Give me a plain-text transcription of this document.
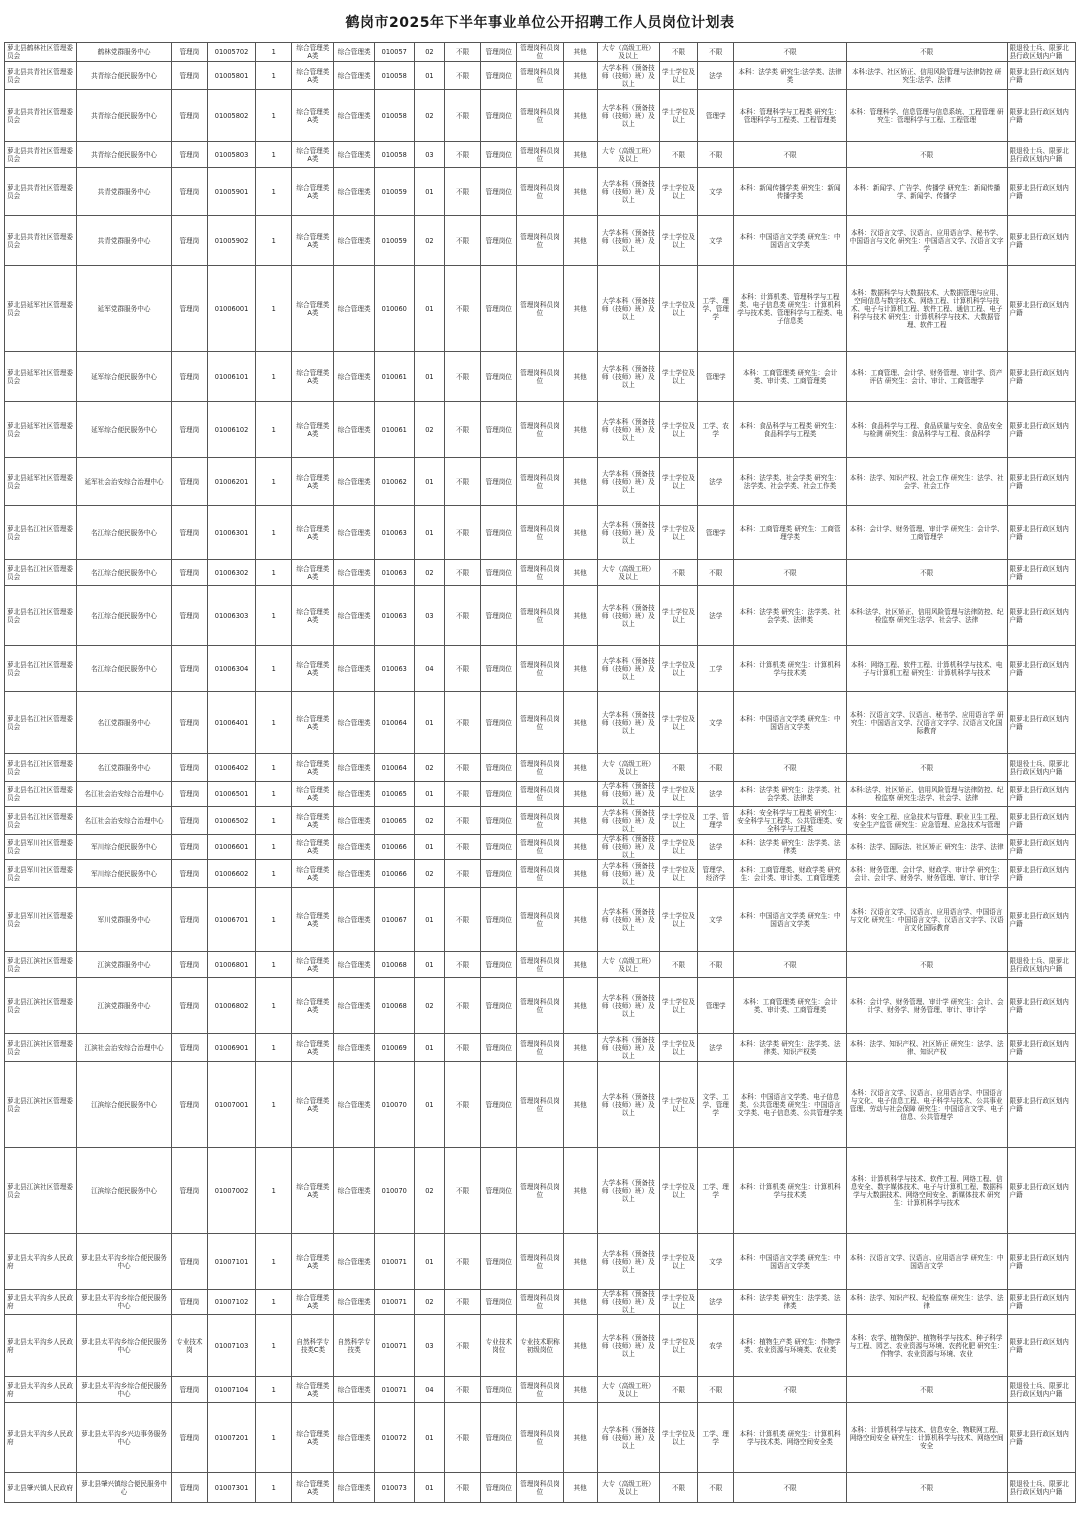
鹤岗市2025年下半年事业单位公开招聘工作人员岗位计划表
萝北县鹤林社区管理委员会	鹤林党群服务中心	管理岗	01005702	1	综合管理类A类	综合管理类	010057	02	不限	管理岗位	管理岗科员岗位	其他	大专（高级工班）及以上	不限	不限	不限	不限	限退役士兵、限萝北县行政区划内户籍
萝北县共青社区管理委员会	共青综合便民服务中心	管理岗	01005801	1	综合管理类A类	综合管理类	010058	01	不限	管理岗位	管理岗科员岗位	其他	大学本科（预备技师（技师）班）及以上	学士学位及以上	法学	本科：法学类 研究生:法学类、法律类	本科:法学、社区矫正、信用风险管理与法律防控 研究生:法学、法律	限萝北县行政区划内户籍
萝北县共青社区管理委员会	共青综合便民服务中心	管理岗	01005802	1	综合管理类A类	综合管理类	010058	02	不限	管理岗位	管理岗科员岗位	其他	大学本科（预备技师（技师）班）及以上	学士学位及以上	管理学	本科：管理科学与工程类 研究生：管理科学与工程类、工程管理类	本科：管理科学、信息管理与信息系统、工程管理 研究生：管理科学与工程、工程管理	限萝北县行政区划内户籍
萝北县共青社区管理委员会	共青综合便民服务中心	管理岗	01005803	1	综合管理类A类	综合管理类	010058	03	不限	管理岗位	管理岗科员岗位	其他	大专（高级工班）及以上	不限	不限	不限	不限	限退役士兵、限萝北县行政区划内户籍
萝北县共青社区管理委员会	共青党群服务中心	管理岗	01005901	1	综合管理类A类	综合管理类	010059	01	不限	管理岗位	管理岗科员岗位	其他	大学本科（预备技师（技师）班）及以上	学士学位及以上	文学	本科：新闻传播学类 研究生：新闻传播学类	本科：新闻学、广告学、传播学 研究生：新闻传播学、新闻学、传播学	限萝北县行政区划内户籍
萝北县共青社区管理委员会	共青党群服务中心	管理岗	01005902	1	综合管理类A类	综合管理类	010059	02	不限	管理岗位	管理岗科员岗位	其他	大学本科（预备技师（技师）班）及以上	学士学位及以上	文学	本科：中国语言文学类 研究生：中国语言文学类	本科：汉语言文学、汉语言、应用语言学、秘书学、中国语言与文化 研究生：中国语言文学、汉语言文字学	限萝北县行政区划内户籍
萝北县延军社区管理委员会	延军党群服务中心	管理岗	01006001	1	综合管理类A类	综合管理类	010060	01	不限	管理岗位	管理岗科员岗位	其他	大学本科（预备技师（技师）班）及以上	学士学位及以上	工学、理学、管理学	本科：计算机类、管理科学与工程类、电子信息类 研究生：计算机科学与技术类、管理科学与工程类、电子信息类	本科：数据科学与大数据技术、大数据管理与应用、空间信息与数字技术、网络工程、计算机科学与技术、电子与计算机工程、软件工程、通信工程、电子科学与技术 研究生：计算机科学与技术、大数据管理、软件工程	限萝北县行政区划内户籍
萝北县延军社区管理委员会	延军综合便民服务中心	管理岗	01006101	1	综合管理类A类	综合管理类	010061	01	不限	管理岗位	管理岗科员岗位	其他	大学本科（预备技师（技师）班）及以上	学士学位及以上	管理学	本科：工商管理类 研究生：会计类、审计类、工商管理类	本科：工商管理、会计学、财务管理、审计学、资产评估 研究生：会计、审计、工商管理学	限萝北县行政区划内户籍
萝北县延军社区管理委员会	延军综合便民服务中心	管理岗	01006102	1	综合管理类A类	综合管理类	010061	02	不限	管理岗位	管理岗科员岗位	其他	大学本科（预备技师（技师）班）及以上	学士学位及以上	工学、农学	本科：食品科学与工程类 研究生：食品科学与工程类	本科：食品科学与工程、食品质量与安全、食品安全与检测 研究生：食品科学与工程、食品科学	限萝北县行政区划内户籍
萝北县延军社区管理委员会	延军社会治安综合治理中心	管理岗	01006201	1	综合管理类A类	综合管理类	010062	01	不限	管理岗位	管理岗科员岗位	其他	大学本科（预备技师（技师）班）及以上	学士学位及以上	法学	本科：法学类、社会学类 研究生：法学类、社会学类、社会工作类	本科：法学、知识产权、社会工作 研究生：法学、社会学、社会工作	限萝北县行政区划内户籍
萝北县名江社区管理委员会	名江综合便民服务中心	管理岗	01006301	1	综合管理类A类	综合管理类	010063	01	不限	管理岗位	管理岗科员岗位	其他	大学本科（预备技师（技师）班）及以上	学士学位及以上	管理学	本科：工商管理类 研究生：工商管理学类	本科：会计学、财务管理、审计学 研究生：会计学、工商管理学	限萝北县行政区划内户籍
萝北县名江社区管理委员会	名江综合便民服务中心	管理岗	01006302	1	综合管理类A类	综合管理类	010063	02	不限	管理岗位	管理岗科员岗位	其他	大专（高级工班）及以上	不限	不限	不限	不限	限萝北县行政区划内户籍
萝北县名江社区管理委员会	名江综合便民服务中心	管理岗	01006303	1	综合管理类A类	综合管理类	010063	03	不限	管理岗位	管理岗科员岗位	其他	大学本科（预备技师（技师）班）及以上	学士学位及以上	法学	本科：法学类 研究生：法学类、社会学类、法律类	本科:法学、社区矫正、信用风险管理与法律防控、纪检监察 研究生:法学、社会学、法律	限萝北县行政区划内户籍
萝北县名江社区管理委员会	名江综合便民服务中心	管理岗	01006304	1	综合管理类A类	综合管理类	010063	04	不限	管理岗位	管理岗科员岗位	其他	大学本科（预备技师（技师）班）及以上	学士学位及以上	工学	本科：计算机类 研究生：计算机科学与技术类	本科：网络工程、软件工程、计算机科学与技术、电子与计算机工程 研究生：计算机科学与技术	限萝北县行政区划内户籍
萝北县名江社区管理委员会	名江党群服务中心	管理岗	01006401	1	综合管理类A类	综合管理类	010064	01	不限	管理岗位	管理岗科员岗位	其他	大学本科（预备技师（技师）班）及以上	学士学位及以上	文学	本科：中国语言文学类 研究生：中国语言文学类	本科：汉语言文学、汉语言、秘书学、应用语言学 研究生：中国语言文学、汉语言文字学、汉语言文化国际教育	限萝北县行政区划内户籍
萝北县名江社区管理委员会	名江党群服务中心	管理岗	01006402	1	综合管理类A类	综合管理类	010064	02	不限	管理岗位	管理岗科员岗位	其他	大专（高级工班）及以上	不限	不限	不限	不限	限退役士兵、限萝北县行政区划内户籍
萝北县名江社区管理委员会	名江社会治安综合治理中心	管理岗	01006501	1	综合管理类A类	综合管理类	010065	01	不限	管理岗位	管理岗科员岗位	其他	大学本科（预备技师（技师）班）及以上	学士学位及以上	法学	本科：法学类 研究生：法学类、社会学类、法律类	本科:法学、社区矫正、信用风险管理与法律防控、纪检监察 研究生:法学、社会学、法律	限萝北县行政区划内户籍
萝北县名江社区管理委员会	名江社会治安综合治理中心	管理岗	01006502	1	综合管理类A类	综合管理类	010065	02	不限	管理岗位	管理岗科员岗位	其他	大学本科（预备技师（技师）班）及以上	学士学位及以上	工学、管理学	本科：安全科学与工程类 研究生：安全科学与工程类、公共管理类、安全科学与工程类	本科：安全工程、应急技术与管理、职业卫生工程、安全生产监管 研究生：应急管理、应急技术与管理	限萝北县行政区划内户籍
萝北县军川社区管理委员会	军川综合便民服务中心	管理岗	01006601	1	综合管理类A类	综合管理类	010066	01	不限	管理岗位	管理岗科员岗位	其他	大学本科（预备技师（技师）班）及以上	学士学位及以上	法学	本科：法学类 研究生：法学类、法律类	本科：法学、国际法、社区矫正 研究生：法学、法律	限萝北县行政区划内户籍
萝北县军川社区管理委员会	军川综合便民服务中心	管理岗	01006602	1	综合管理类A类	综合管理类	010066	02	不限	管理岗位	管理岗科员岗位	其他	大学本科（预备技师（技师）班）及以上	学士学位及以上	管理学、经济学	本科：工商管理类、财政学类 研究生：会计类、审计类、工商管理类	本科：财务管理、会计学、财政学、审计学 研究生：会计、会计学、财务学、财务管理、审计、审计学	限萝北县行政区划内户籍
萝北县军川社区管理委员会	军川党群服务中心	管理岗	01006701	1	综合管理类A类	综合管理类	010067	01	不限	管理岗位	管理岗科员岗位	其他	大学本科（预备技师（技师）班）及以上	学士学位及以上	文学	本科：中国语言文学类 研究生：中国语言文学类	本科：汉语言文学、汉语言、应用语言学、中国语言与文化 研究生：中国语言文学、汉语言文字学、汉语言文化国际教育	限萝北县行政区划内户籍
萝北县江滨社区管理委员会	江滨党群服务中心	管理岗	01006801	1	综合管理类A类	综合管理类	010068	01	不限	管理岗位	管理岗科员岗位	其他	大专（高级工班）及以上	不限	不限	不限	不限	限退役士兵、限萝北县行政区划内户籍
萝北县江滨社区管理委员会	江滨党群服务中心	管理岗	01006802	1	综合管理类A类	综合管理类	010068	02	不限	管理岗位	管理岗科员岗位	其他	大学本科（预备技师（技师）班）及以上	学士学位及以上	管理学	本科：工商管理类 研究生：会计类、审计类、工商管理类	本科：会计学、财务管理、审计学 研究生：会计、会计学、财务学、财务管理、审计、审计学	限萝北县行政区划内户籍
萝北县江滨社区管理委员会	江滨社会治安综合治理中心	管理岗	01006901	1	综合管理类A类	综合管理类	010069	01	不限	管理岗位	管理岗科员岗位	其他	大学本科（预备技师（技师）班）及以上	学士学位及以上	法学	本科：法学类 研究生：法学类、法律类、知识产权类	本科：法学、知识产权、社区矫正 研究生：法学、法律、知识产权	限萝北县行政区划内户籍
萝北县江滨社区管理委员会	江滨综合便民服务中心	管理岗	01007001	1	综合管理类A类	综合管理类	010070	01	不限	管理岗位	管理岗科员岗位	其他	大学本科（预备技师（技师）班）及以上	学士学位及以上	文学、工学、管理学	本科：中国语言文学类、电子信息类、公共管理类 研究生：中国语言文学类、电子信息类、公共管理学类	本科：汉语言文学、汉语言、应用语言学、中国语言与文化、电子信息工程、电子科学与技术、公共事业管理、劳动与社会保障 研究生：中国语言文学、电子信息、公共管理学	限萝北县行政区划内户籍
萝北县江滨社区管理委员会	江滨综合便民服务中心	管理岗	01007002	1	综合管理类A类	综合管理类	010070	02	不限	管理岗位	管理岗科员岗位	其他	大学本科（预备技师（技师）班）及以上	学士学位及以上	工学、理学	本科：计算机类 研究生：计算机科学与技术类	本科：计算机科学与技术、软件工程、网络工程、信息安全、数字媒体技术、电子与计算机工程、数据科学与大数据技术、网络空间安全、新媒体技术 研究生：计算机科学与技术	限萝北县行政区划内户籍
萝北县太平沟乡人民政府	萝北县太平沟乡综合便民服务中心	管理岗	01007101	1	综合管理类A类	综合管理类	010071	01	不限	管理岗位	管理岗科员岗位	其他	大学本科（预备技师（技师）班）及以上	学士学位及以上	文学	本科：中国语言文学类 研究生：中国语言文学类	本科：汉语言文学、汉语言、应用语言学 研究生：中国语言文学	限萝北县行政区划内户籍
萝北县太平沟乡人民政府	萝北县太平沟乡综合便民服务中心	管理岗	01007102	1	综合管理类A类	综合管理类	010071	02	不限	管理岗位	管理岗科员岗位	其他	大学本科（预备技师（技师）班）及以上	学士学位及以上	法学	本科：法学类 研究生：法学类、法律类	本科：法学、知识产权、纪检监察 研究生：法学、法律	限萝北县行政区划内户籍
萝北县太平沟乡人民政府	萝北县太平沟乡综合便民服务中心	专业技术岗	01007103	1	自然科学专技类C类	自然科学专技类	010071	03	不限	专业技术岗位	专业技术职称初级岗位	其他	大学本科（预备技师（技师）班）及以上	学士学位及以上	农学	本科：植物生产类 研究生：作物学类、农业资源与环境类、农业类	本科：农学、植物保护、植物科学与技术、种子科学与工程、园艺、农业资源与环境、农药化肥 研究生：作物学、农业资源与环境、农业	限萝北县行政区划内户籍
萝北县太平沟乡人民政府	萝北县太平沟乡综合便民服务中心	管理岗	01007104	1	综合管理类A类	综合管理类	010071	04	不限	管理岗位	管理岗科员岗位	其他	大专（高级工班）及以上	不限	不限	不限	不限	限退役士兵、限萝北县行政区划内户籍
萝北县太平沟乡人民政府	萝北县太平沟乡兴边事务服务中心	管理岗	01007201	1	综合管理类A类	综合管理类	010072	01	不限	管理岗位	管理岗科员岗位	其他	大学本科（预备技师（技师）班）及以上	学士学位及以上	工学、理学	本科：计算机类 研究生：计算机科学与技术类、网络空间安全类	本科：计算机科学与技术、信息安全、物联网工程、网络空间安全 研究生：计算机科学与技术、网络空间安全	限萝北县行政区划内户籍
萝北县肇兴镇人民政府	萝北县肇兴镇综合便民服务中心	管理岗	01007301	1	综合管理类A类	综合管理类	010073	01	不限	管理岗位	管理岗科员岗位	其他	大专（高级工班）及以上	不限	不限	不限	不限	限退役士兵、限萝北县行政区划内户籍
